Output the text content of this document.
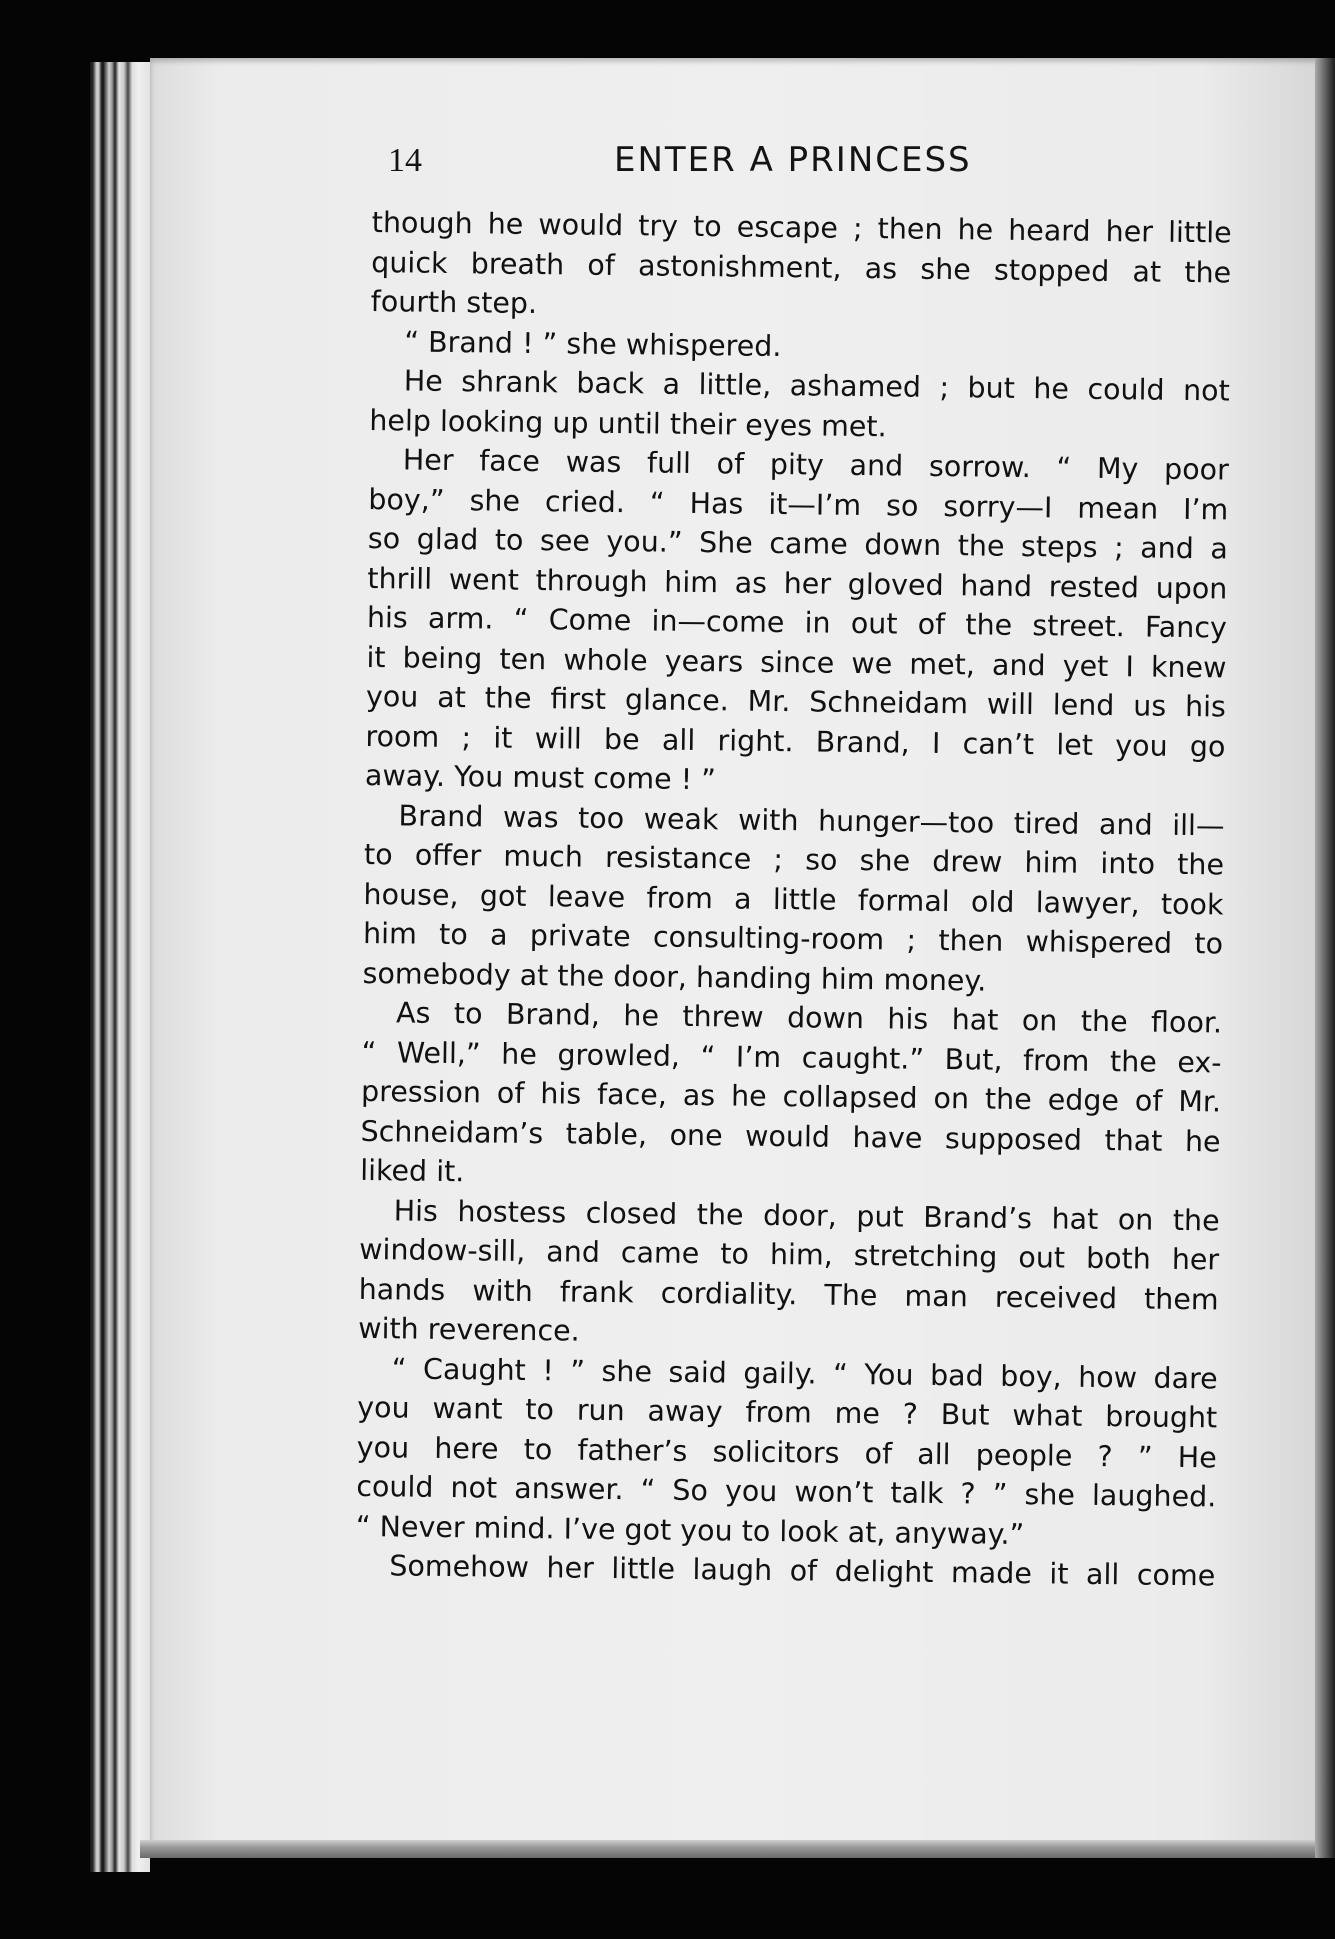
14	ENTER A PRINCESS
though he would try to escape ; then he heard her little
quick breath of astonishment, as she stopped at the
fourth step.
“ Brand ! ” she whispered.
He shrank back a little, ashamed ; but he could not
help looking up until their eyes met.
Her face was full of pity and sorrow. “ My poor
boy,” she cried. “ Has it—I’m so sorry—I mean I’m
so glad to see you.” She came down the steps ; and a
thrill went through him as her gloved hand rested upon
his arm. “ Come in—come in out of the street. Fancy
it being ten whole years since we met, and yet I knew
you at the first glance. Mr. Schneidam will lend us his
room ; it will be all right. Brand, I can’t let you go
away. You must come ! ”
Brand was too weak with hunger—too tired and ill—
to offer much resistance ; so she drew him into the
house, got leave from a little formal old lawyer, took
him to a private consulting-room ; then whispered to
somebody at the door, handing him money.
As to Brand, he threw down his hat on the floor.
“ Well,” he growled, “ I’m caught.” But, from the ex-
pression of his face, as he collapsed on the edge of Mr.
Schneidam’s table, one would have supposed that he
liked it.
His hostess closed the door, put Brand’s hat on the
window-sill, and came to him, stretching out both her
hands with frank cordiality. The man received them
with reverence.
“ Caught ! ” she said gaily. “ You bad boy, how dare
you want to run away from me ? But what brought
you here to father’s solicitors of all people ? ” He
could not answer. “ So you won’t talk ? ” she laughed.
“ Never mind. I’ve got you to look at, anyway.”
Somehow her little laugh of delight made it all come
